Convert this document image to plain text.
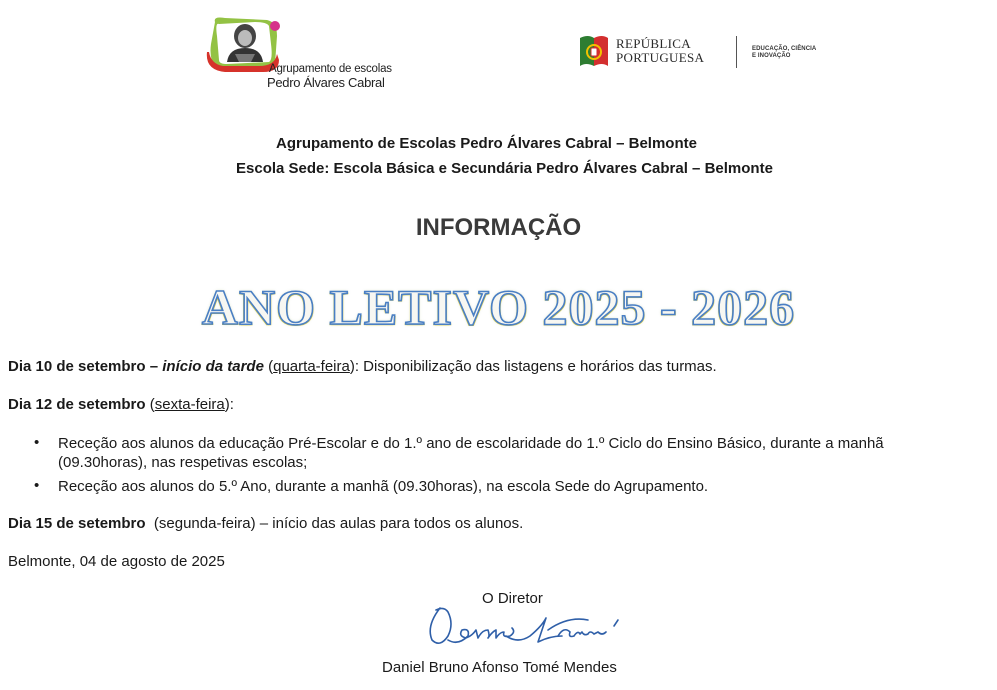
Agrupamento de escolas
Pedro Álvares Cabral
REPÚBLICA
PORTUGUESA
EDUCAÇÃO, CIÊNCIA
E INOVAÇÃO
Agrupamento de Escolas Pedro Álvares Cabral – Belmonte
Escola Sede: Escola Básica e Secundária Pedro Álvares Cabral – Belmonte
INFORMAÇÃO
ANO LETIVO 2025 - 2026
Dia 10 de setembro – início da tarde (quarta-feira): Disponibilização das listagens e horários das turmas.
Dia 12 de setembro (sexta-feira):
• Receção aos alunos da educação Pré-Escolar e do 1.º ano de escolaridade do 1.º Ciclo do Ensino Básico, durante a manhã
(09.30horas), nas respetivas escolas;
• Receção aos alunos do 5.º Ano, durante a manhã (09.30horas), na escola Sede do Agrupamento.
Dia 15 de setembro (segunda-feira) – início das aulas para todos os alunos.
Belmonte, 04 de agosto de 2025
O Diretor
Daniel Bruno Afonso Tomé Mendes
